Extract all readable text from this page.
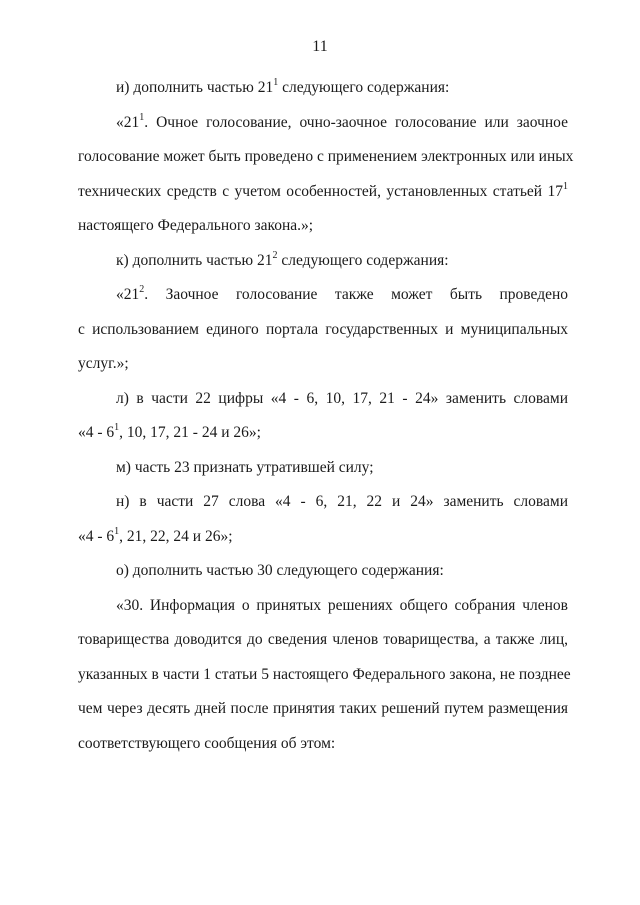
11
и) дополнить частью $21^1$ следующего содержания:
«$21^1$. Очное голосование, очно-заочное голосование или заочное
голосование может быть проведено с применением электронных или иных
технических средств с учетом особенностей, установленных статьей $17^1$
настоящего Федерального закона.»;
к) дополнить частью $21^2$ следующего содержания:
«$21^2$. Заочное голосование также может быть проведено
с использованием единого портала государственных и муниципальных
услуг.»;
л) в части 22 цифры «4 - 6, 10, 17, 21 - 24» заменить словами
«$4 - 6^1$, 10, 17, 21 - 24 и 26»;
м) часть 23 признать утратившей силу;
н) в части 27 слова «4 - 6, 21, 22 и 24» заменить словами
«$4 - 6^1$, 21, 22, 24 и 26»;
о) дополнить частью 30 следующего содержания:
«30. Информация о принятых решениях общего собрания членов
товарищества доводится до сведения членов товарищества, а также лиц,
указанных в части 1 статьи 5 настоящего Федерального закона, не позднее
чем через десять дней после принятия таких решений путем размещения
соответствующего сообщения об этом:
